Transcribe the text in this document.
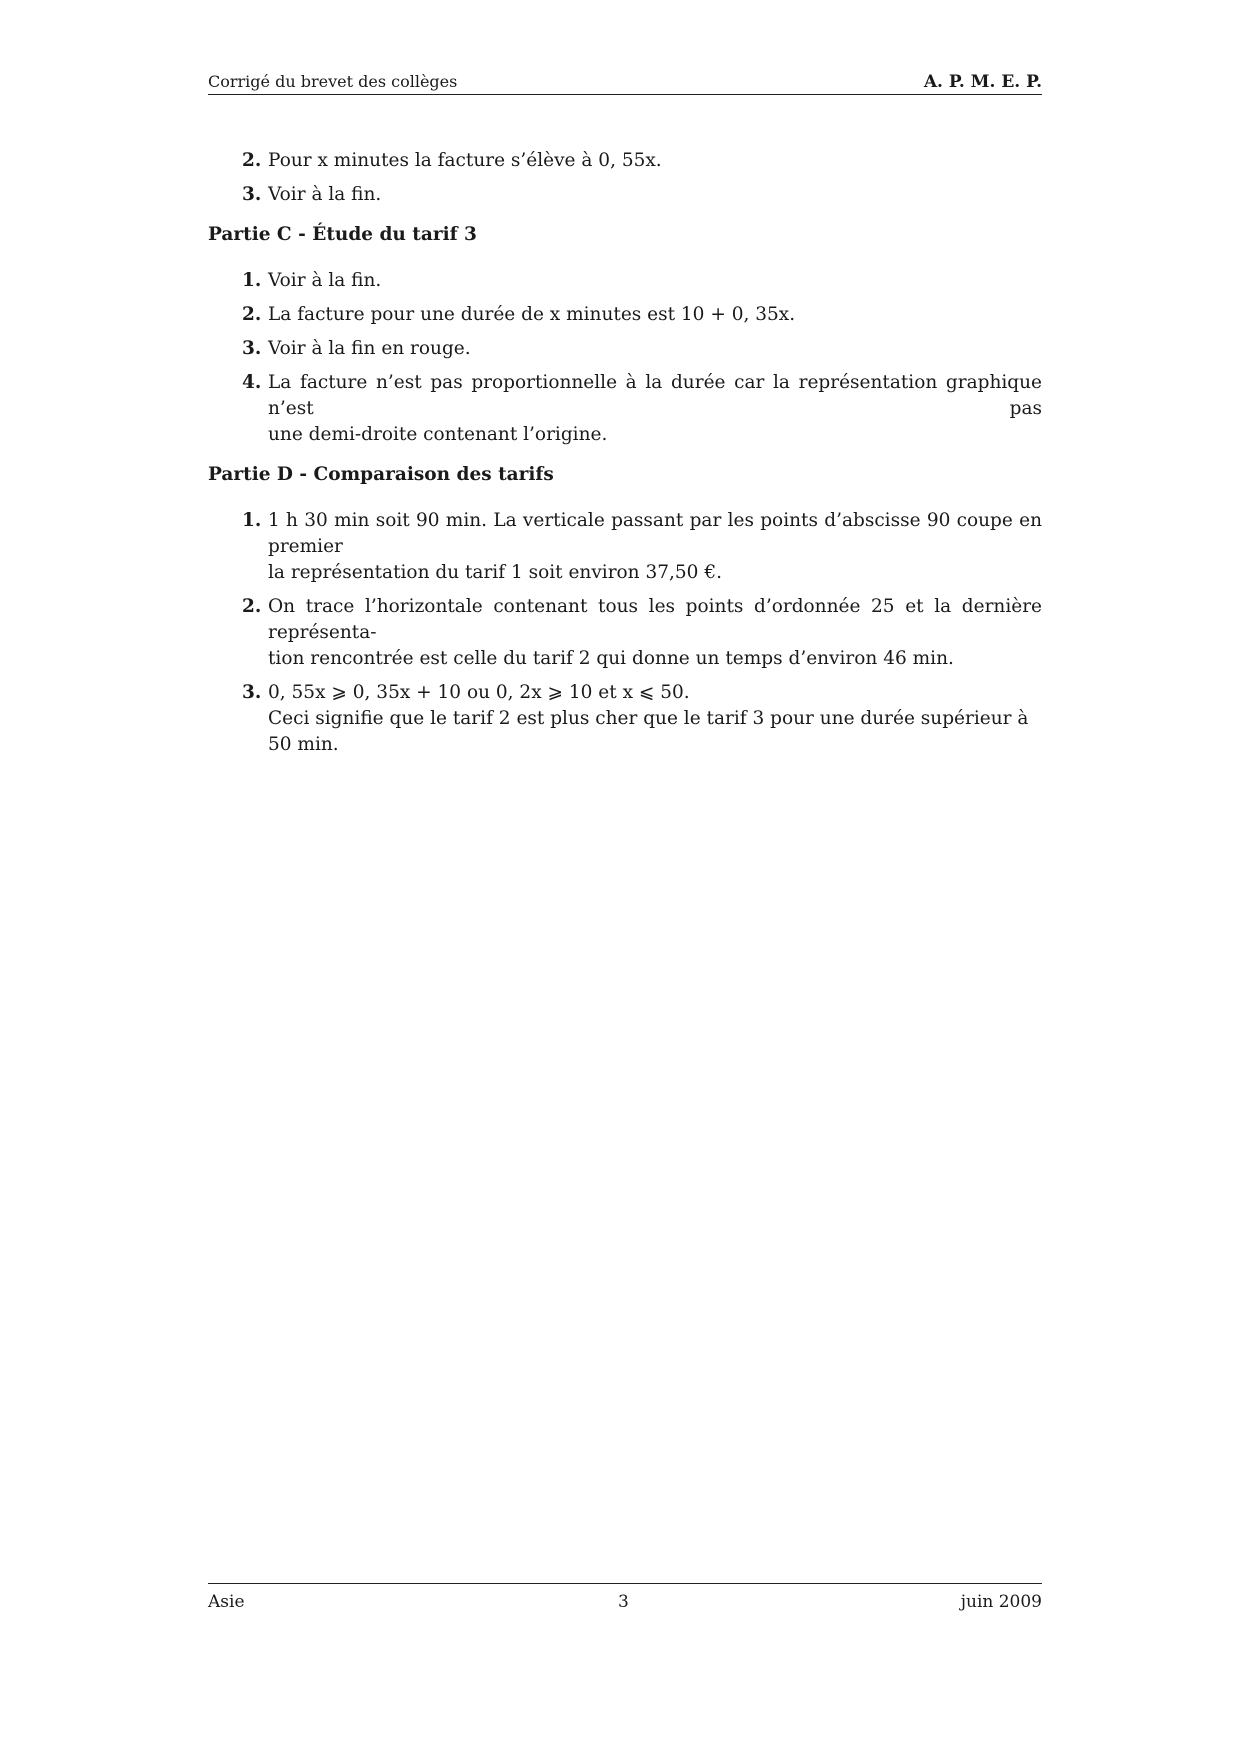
Corrigé du brevet des collèges	A. P. M. E. P.
2. Pour x minutes la facture s’élève à 0, 55x.
3. Voir à la fin.
Partie C - Étude du tarif 3
1. Voir à la fin.
2. La facture pour une durée de x minutes est 10 + 0, 35x.
3. Voir à la fin en rouge.
4. La facture n’est pas proportionnelle à la durée car la représentation graphique n’est pas
une demi-droite contenant l’origine.
Partie D - Comparaison des tarifs
1. 1 h 30 min soit 90 min. La verticale passant par les points d’abscisse 90 coupe en premier
la représentation du tarif 1 soit environ 37,50 €.
2. On trace l’horizontale contenant tous les points d’ordonnée 25 et la dernière représenta-
tion rencontrée est celle du tarif 2 qui donne un temps d’environ 46 min.
3. 0, 55x ⩾ 0, 35x + 10 ou 0, 2x ⩾ 10 et x ⩽ 50.
Ceci signifie que le tarif 2 est plus cher que le tarif 3 pour une durée supérieur à 50 min.
Asie	3	juin 2009
